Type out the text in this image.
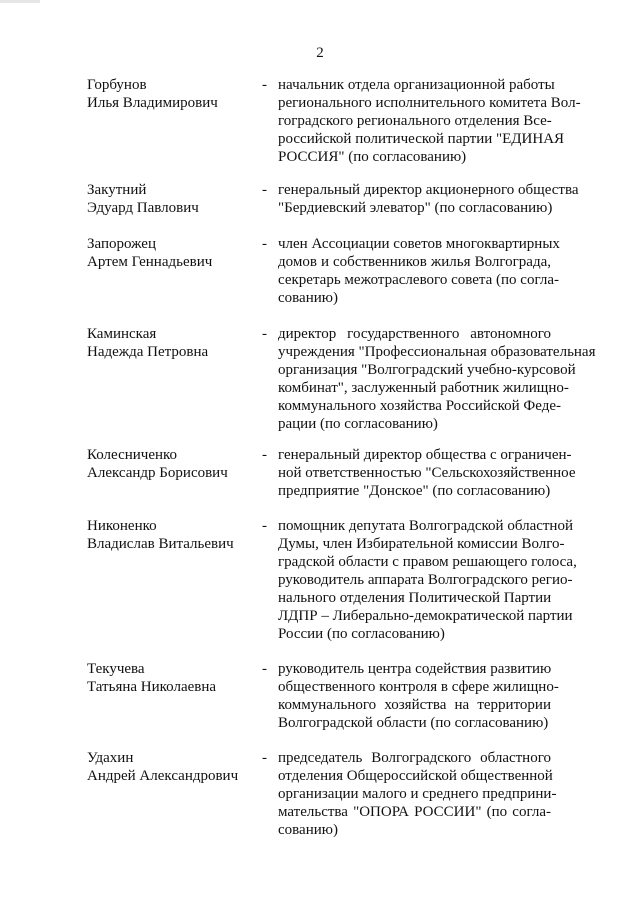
2
Горбунов
Илья Владимирович
- начальник отдела организационной работы
регионального исполнительного комитета Вол-
гоградского регионального отделения Все-
российской политической партии "ЕДИНАЯ
РОССИЯ" (по согласованию)
Закутний
Эдуард Павлович
- генеральный директор акционерного общества
"Бердиевский элеватор" (по согласованию)
Запорожец
Артем Геннадьевич
- член Ассоциации советов многоквартирных
домов и собственников жилья Волгограда,
секретарь межотраслевого совета (по согла-
сованию)
Каминская
Надежда Петровна
- директор государственного автономного
учреждения "Профессиональная образовательная
организация "Волгоградский учебно-курсовой
комбинат", заслуженный работник жилищно-
коммунального хозяйства Российской Феде-
рации (по согласованию)
Колесниченко
Александр Борисович
- генеральный директор общества с ограничен-
ной ответственностью "Сельскохозяйственное
предприятие "Донское" (по согласованию)
Никоненко
Владислав Витальевич
- помощник депутата Волгоградской областной
Думы, член Избирательной комиссии Волго-
градской области с правом решающего голоса,
руководитель аппарата Волгоградского регио-
нального отделения Политической Партии
ЛДПР – Либерально-демократической партии
России (по согласованию)
Текучева
Татьяна Николаевна
- руководитель центра содействия развитию
общественного контроля в сфере жилищно-
коммунального хозяйства на территории
Волгоградской области (по согласованию)
Удахин
Андрей Александрович
- председатель Волгоградского областного
отделения Общероссийской общественной
организации малого и среднего предприни-
мательства "ОПОРА РОССИИ" (по согла-
сованию)
